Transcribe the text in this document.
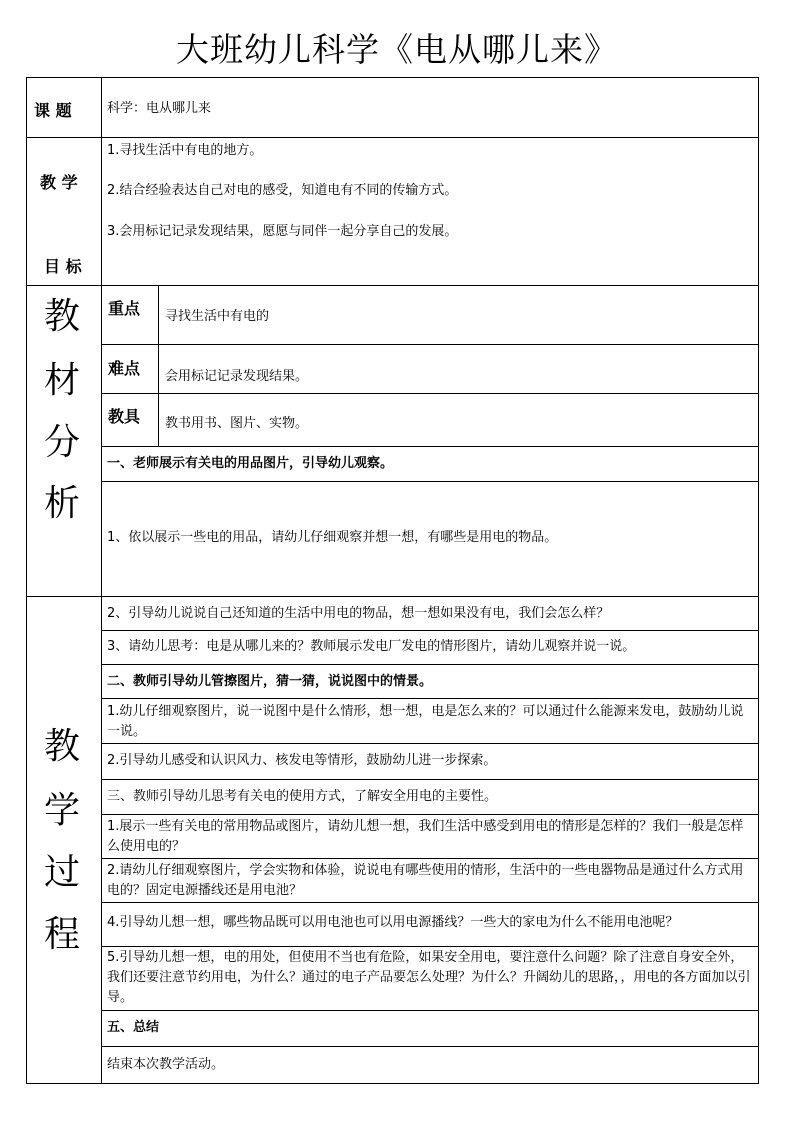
大班幼儿科学《电从哪儿来》
课 题	科学：电从哪儿来
教 学
目 标
1.寻找生活中有电的地方。
2.结合经验表达自己对电的感受，知道电有不同的传输方式。
3.会用标记记录发现结果，愿愿与同伴一起分享自己的发展。
教
材
分
析
重点 寻找生活中有电的
难点 会用标记记录发现结果。
教具 教书用书、图片、实物。
一、老师展示有关电的用品图片，引导幼儿观察。
1、依以展示一些电的用品，请幼儿仔细观察并想一想，有哪些是用电的物品。
教
学
过
程
2、引导幼儿说说自己还知道的生活中用电的物品，想一想如果没有电，我们会怎么样？
3、请幼儿思考：电是从哪儿来的？教师展示发电厂发电的情形图片，请幼儿观察并说一说。
二、教师引导幼儿管擦图片，猜一猜，说说图中的情景。
1.幼儿仔细观察图片，说一说图中是什么情形，想一想，电是怎么来的？可以通过什么能源来发电，鼓励幼儿说一说。
2.引导幼儿感受和认识风力、核发电等情形，鼓励幼儿进一步探索。
三、教师引导幼儿思考有关电的使用方式，了解安全用电的主要性。
1.展示一些有关电的常用物品或图片，请幼儿想一想，我们生活中感受到用电的情形是怎样的？我们一般是怎样么使用电的？
2.请幼儿仔细观察图片，学会实物和体验，说说电有哪些使用的情形，生活中的一些电器物品是通过什么方式用电的？固定电源播线还是用电池？
4.引导幼儿想一想，哪些物品既可以用电池也可以用电源播线？一些大的家电为什么不能用电池呢？
5.引导幼儿想一想，电的用处，但使用不当也有危险，如果安全用电，要注意什么问题？除了注意自身安全外，我们还要注意节约用电，为什么？通过的电子产品要怎么处理？为什么？升阔幼儿的思路，，用电的各方面加以引导。
五、总结
结束本次教学活动。
